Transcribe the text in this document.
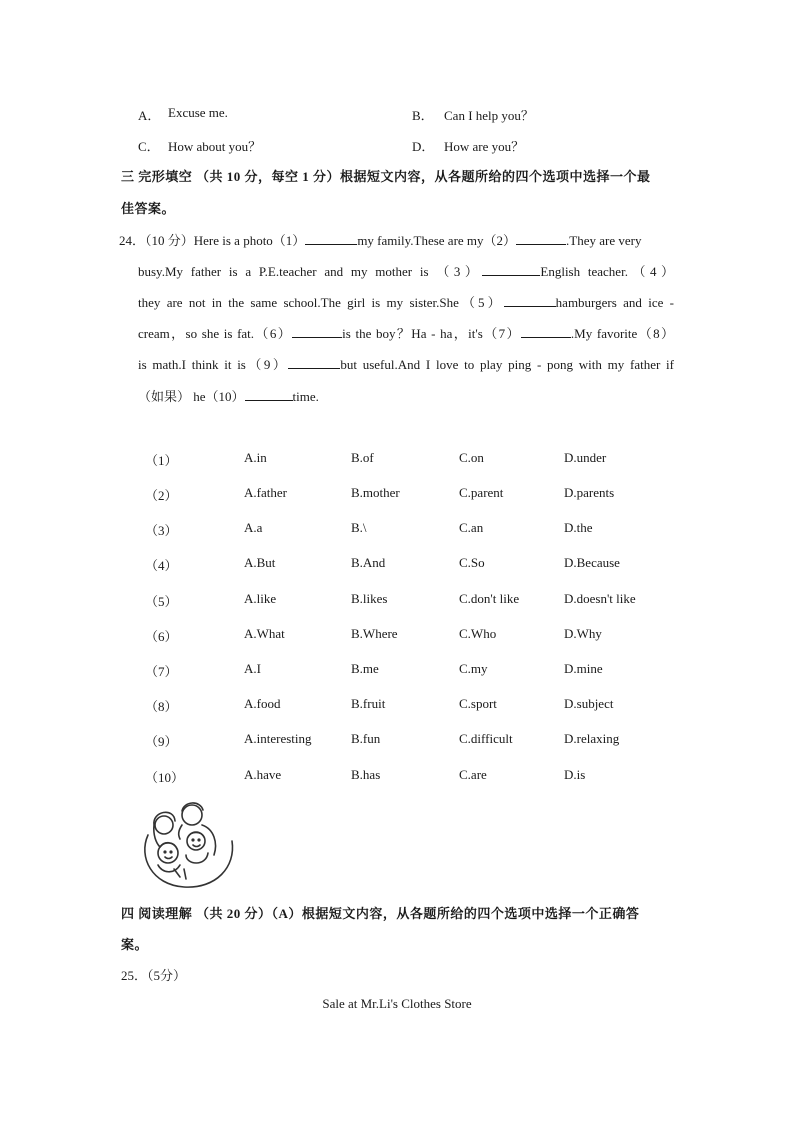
A． Excuse me.	B． Can I help you？
C． How about you？	D． How are you？
三 完形填空 （共 10 分，每空 1 分）根据短文内容，从各题所给的四个选项中选择一个最
佳答案。
24．（10 分）Here is a photo（1）	my family.These are my（2）	.They are very
busy.My father is a P.E.teacher and my mother is （3）	English teacher.（4）
they are not in the same school.The girl is my sister.She（5）	hamburgers and ice -
cream，so she is fat.（6）	is the boy？Ha - ha，it's（7）	.My favorite（8）
is math.I think it is（9）	but useful.And I love to play ping - pong with my father if
（如果） he（10）	time.
（1）	A.in	B.of	C.on	D.under
（2）	A.father	B.mother	C.parent	D.parents
（3）	A.a	B.\	C.an	D.the
（4）	A.But	B.And	C.So	D.Because
（5）	A.like	B.likes	C.don't like	D.doesn't like
（6）	A.What	B.Where	C.Who	D.Why
（7）	A.I	B.me	C.my	D.mine
（8）	A.food	B.fruit	C.sport	D.subject
（9）	A.interesting	B.fun	C.difficult	D.relaxing
（10）	A.have	B.has	C.are	D.is
四 阅读理解 （共 20 分）（A）根据短文内容，从各题所给的四个选项中选择一个正确答
案。
25．（5分）
Sale at Mr.Li's Clothes Store
